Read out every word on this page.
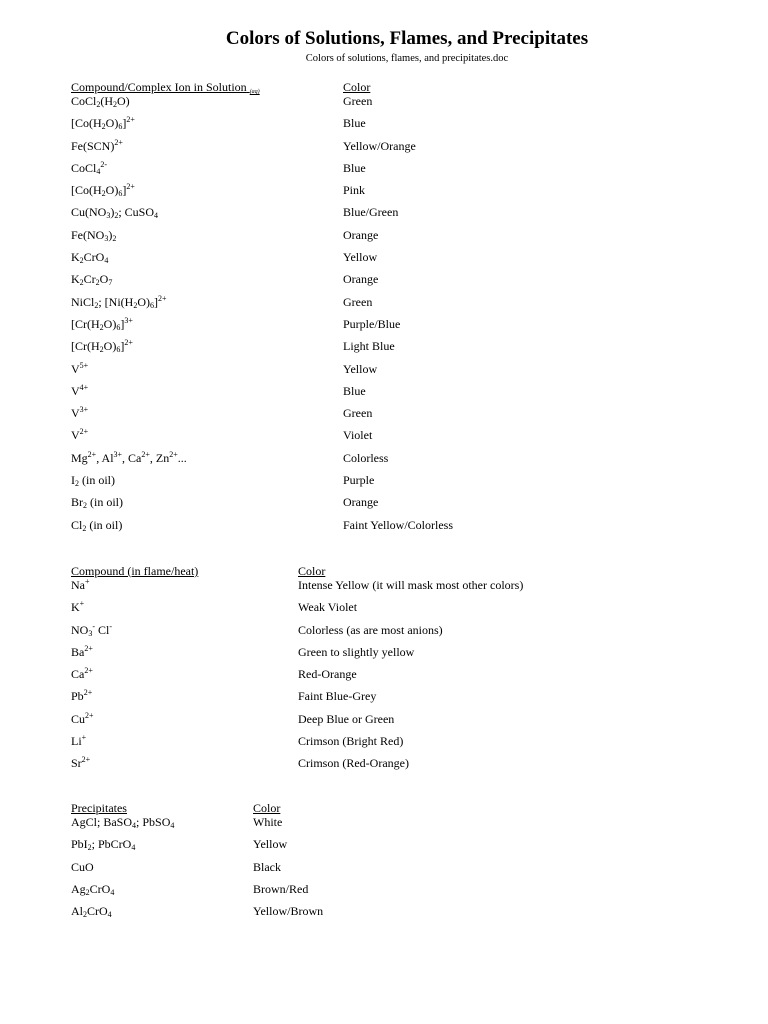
Colors of Solutions, Flames, and Precipitates
Colors of solutions, flames, and precipitates.doc
Compound/Complex Ion in Solution (aq)	Color
$CoCl_2(H_2O)$	Green
$[Co(H_2O)_6]^{2+}$	Blue
Fe(SCN)$^{2+}$	Yellow/Orange
CoCl$_4^{2-}$	Blue
$[Co(H_2O)_6]^{2+}$	Pink
$Cu(NO_3)_2$; CuSO$_4$	Blue/Green
$Fe(NO_3)_2$	Orange
$K_2CrO_4$	Yellow
$K_2Cr_2O_7$	Orange
NiCl$_2$; $[Ni(H_2O)_6]^{2+}$	Green
$[Cr(H_2O)_6]^{3+}$	Purple/Blue
$[Cr(H_2O)_6]^{2+}$	Light Blue
$V^{5+}$	Yellow
$V^{4+}$	Blue
$V^{3+}$	Green
$V^{2+}$	Violet
$Mg^{2+}$, $Al^{3+}$, $Ca^{2+}$, $Zn^{2+}$...	Colorless
$I_2$ (in oil)	Purple
$Br_2$ (in oil)	Orange
$Cl_2$ (in oil)	Faint Yellow/Colorless
Compound (in flame/heat)	Color
Na+	Intense Yellow (it will mask most other colors)
K+	Weak Violet
$NO_3^-$ Cl-	Colorless (as are most anions)
$Ba^{2+}$	Green to slightly yellow
$Ca^{2+}$	Red-Orange
$Pb^{2+}$	Faint Blue-Grey
$Cu^{2+}$	Deep Blue or Green
Li+	Crimson (Bright Red)
$Sr^{2+}$	Crimson (Red-Orange)
Precipitates	Color
AgCl; BaSO$_4$; PbSO$_4$	White
PbI$_2$; PbCrO$_4$	Yellow
CuO	Black
$Ag_2CrO_4$	Brown/Red
$Al_2CrO_4$	Yellow/Brown
